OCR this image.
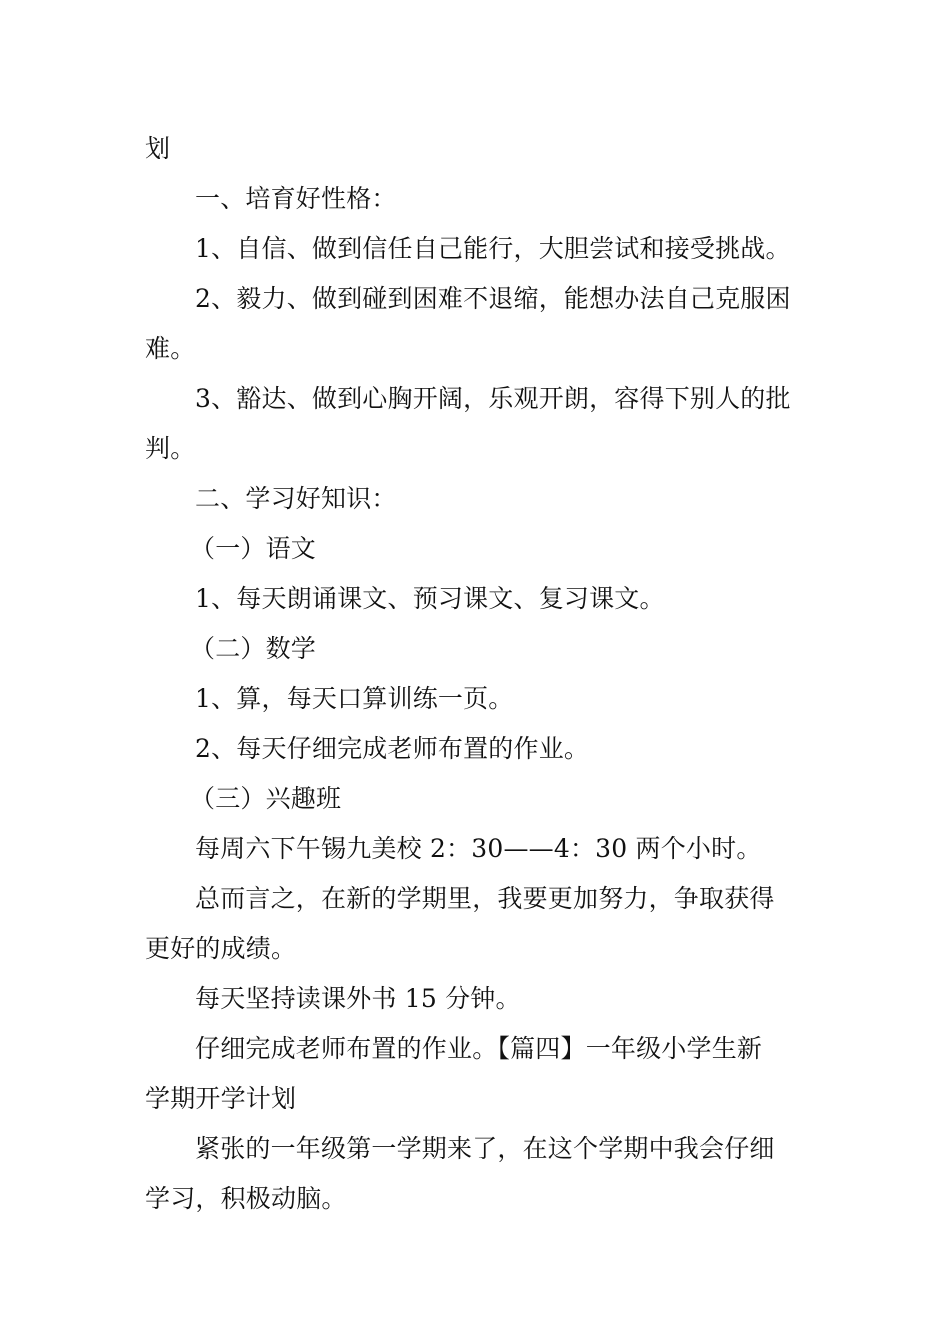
划
一、培育好性格：
1、自信、做到信任自己能行，大胆尝试和接受挑战。
2、毅力、做到碰到困难不退缩，能想办法自己克服困
难。
3、豁达、做到心胸开阔，乐观开朗，容得下别人的批
判。
二、学习好知识：
（一）语文
1、每天朗诵课文、预习课文、复习课文。
（二）数学
1、算，每天口算训练一页。
2、每天仔细完成老师布置的作业。
（三）兴趣班
每周六下午锡九美校 2：30——4：30 两个小时。
总而言之，在新的学期里，我要更加努力，争取获得
更好的成绩。
每天坚持读课外书 15 分钟。
仔细完成老师布置的作业。【篇四】一年级小学生新
学期开学计划
紧张的一年级第一学期来了，在这个学期中我会仔细
学习，积极动脑。
